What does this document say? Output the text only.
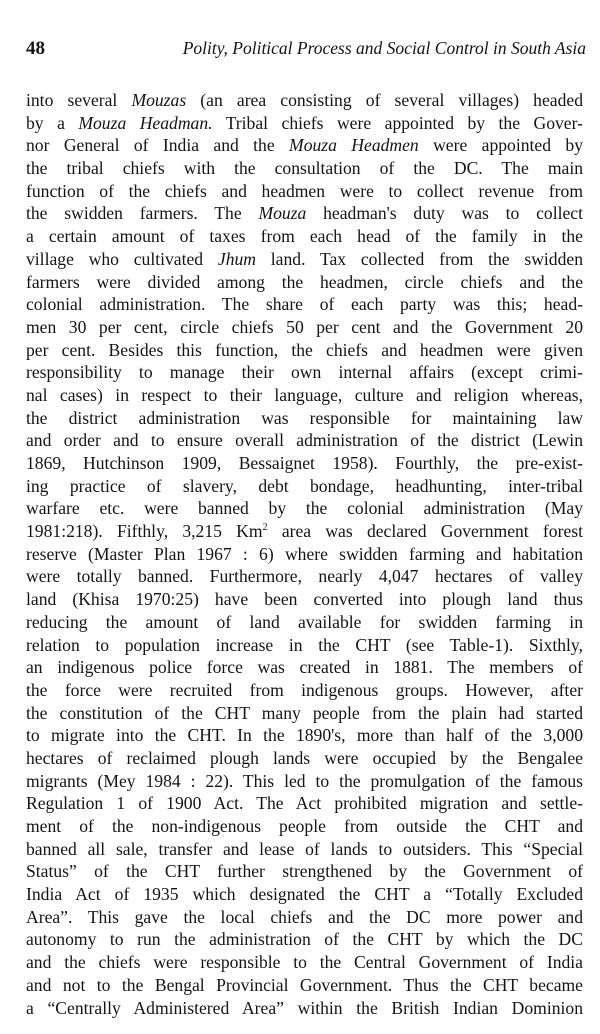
48	Polity, Political Process and Social Control in South Asia
into several Mouzas (an area consisting of several villages) headed
by a Mouza Headman. Tribal chiefs were appointed by the Gover-
nor General of India and the Mouza Headmen were appointed by
the tribal chiefs with the consultation of the DC. The main
function of the chiefs and headmen were to collect revenue from
the swidden farmers. The Mouza headman's duty was to collect
a certain amount of taxes from each head of the family in the
village who cultivated Jhum land. Tax collected from the swidden
farmers were divided among the headmen, circle chiefs and the
colonial administration. The share of each party was this; head-
men 30 per cent, circle chiefs 50 per cent and the Government 20
per cent. Besides this function, the chiefs and headmen were given
responsibility to manage their own internal affairs (except crimi-
nal cases) in respect to their language, culture and religion whereas,
the district administration was responsible for maintaining law
and order and to ensure overall administration of the district (Lewin
1869, Hutchinson 1909, Bessaignet 1958). Fourthly, the pre-exist-
ing practice of slavery, debt bondage, headhunting, inter-tribal
warfare etc. were banned by the colonial administration (May
1981:218). Fifthly, 3,215 Km$^2$ area was declared Government forest
reserve (Master Plan 1967 : 6) where swidden farming and habitation
were totally banned. Furthermore, nearly 4,047 hectares of valley
land (Khisa 1970:25) have been converted into plough land thus
reducing the amount of land available for swidden farming in
relation to population increase in the CHT (see Table-1). Sixthly,
an indigenous police force was created in 1881. The members of
the force were recruited from indigenous groups. However, after
the constitution of the CHT many people from the plain had started
to migrate into the CHT. In the 1890's, more than half of the 3,000
hectares of reclaimed plough lands were occupied by the Bengalee
migrants (Mey 1984 : 22). This led to the promulgation of the famous
Regulation 1 of 1900 Act. The Act prohibited migration and settle-
ment of the non-indigenous people from outside the CHT and
banned all sale, transfer and lease of lands to outsiders. This “Special
Status” of the CHT further strengthened by the Government of
India Act of 1935 which designated the CHT a “Totally Excluded
Area”. This gave the local chiefs and the DC more power and
autonomy to run the administration of the CHT by which the DC
and the chiefs were responsible to the Central Government of India
and not to the Bengal Provincial Government. Thus the CHT became
a “Centrally Administered Area” within the British Indian Dominion
